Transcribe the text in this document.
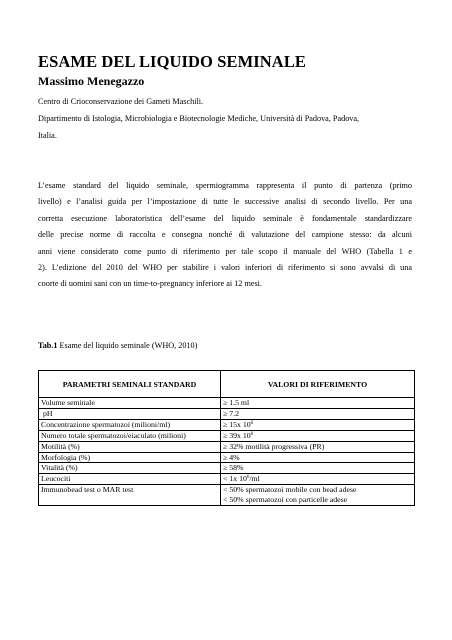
ESAME DEL LIQUIDO SEMINALE
Massimo Menegazzo
Centro di Crioconservazione dei Gameti Maschili.
Dipartimento di Istologia, Microbiologia e Biotecnologie Mediche, Università di Padova, Padova,
Italia.
L’esame standard del liquido seminale, spermiogramma rappresenta il punto di partenza (primo
livello) e l’analisi guida per l’impostazione di tutte le successive analisi di secondo livello. Per una
corretta esecuzione laboratoristica dell’esame del liquido seminale è fondamentale standardizzare
delle precise norme di raccolta e consegna nonché di valutazione del campione stesso: da alcuni
anni viene considerato come punto di riferimento per tale scopo il manuale del WHO (Tabella 1 e
2). L’edizione del 2010 del WHO per stabilire i valori inferiori di riferimento si sono avvalsi di una
coorte di uomini sani con un time-to-pregnancy inferiore ai 12 mesi.
Tab.1 Esame del liquido seminale (WHO, 2010)
PARAMETRI SEMINALI STANDARD	VALORI DI RIFERIMENTO
Volume seminale	≥ 1.5 ml
pH	≥ 7.2
Concentrazione spermatozoi (milioni/ml)	≥ 15x $10^6$
Numero totale spermatozoi/eiaculato (milioni)	≥ 39x $10^6$
Motilità (%)	≥ 32% motilità progressiva (PR)
Morfologia (%)	≥ 4%
Vitalità (%)	≥ 58%
Leucociti	< 1x $10^6/ml$
Immunobead test o MAR test	< 50% spermatozoi mobile con bead adese
< 50% spermatozoi con particelle adese
